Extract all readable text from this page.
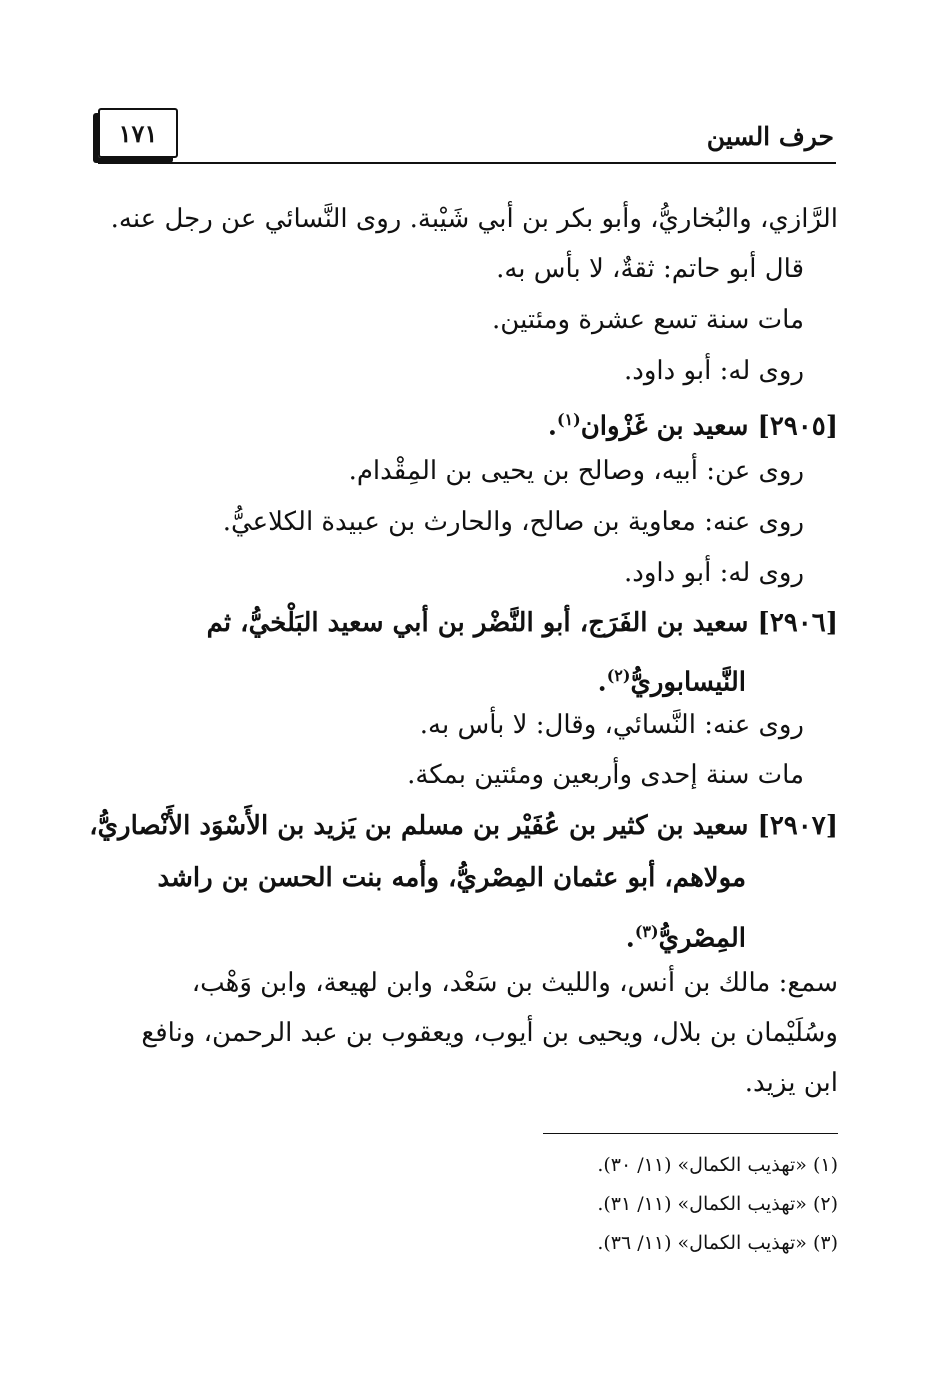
حرف السين
١٧١
الرَّازي، والبُخاريُّ، وأبو بكر بن أبي شَيْبة. روى النَّسائي عن رجل عنه.
قال أبو حاتم: ثقةٌ، لا بأس به.
مات سنة تسع عشرة ومئتين.
روى له: أبو داود.
[٢٩٠٥] سعيد بن غَزْوان$^{(١)}$.
روى عن: أبيه، وصالح بن يحيى بن المِقْدام.
روى عنه: معاوية بن صالح، والحارث بن عبيدة الكلاعيُّ.
روى له: أبو داود.
[٢٩٠٦] سعيد بن الفَرَج، أبو النَّضْر بن أبي سعيد البَلْخيُّ، ثم
النَّيسابوريُّ$^{(٢)}$.
روى عنه: النَّسائي، وقال: لا بأس به.
مات سنة إحدى وأربعين ومئتين بمكة.
[٢٩٠٧] سعيد بن كثير بن عُفَيْر بن مسلم بن يَزيد بن الأَسْوَد الأَنْصاريُّ،
مولاهم، أبو عثمان المِصْريُّ، وأمه بنت الحسن بن راشد
المِصْريُّ$^{(٣)}$.
سمع: مالك بن أنس، والليث بن سَعْد، وابن لهيعة، وابن وَهْب،
وسُلَيْمان بن بلال، ويحيى بن أيوب، ويعقوب بن عبد الرحمن، ونافع
ابن يزيد.
(١) «تهذيب الكمال» (١١/ ٣٠).
(٢) «تهذيب الكمال» (١١/ ٣١).
(٣) «تهذيب الكمال» (١١/ ٣٦).
